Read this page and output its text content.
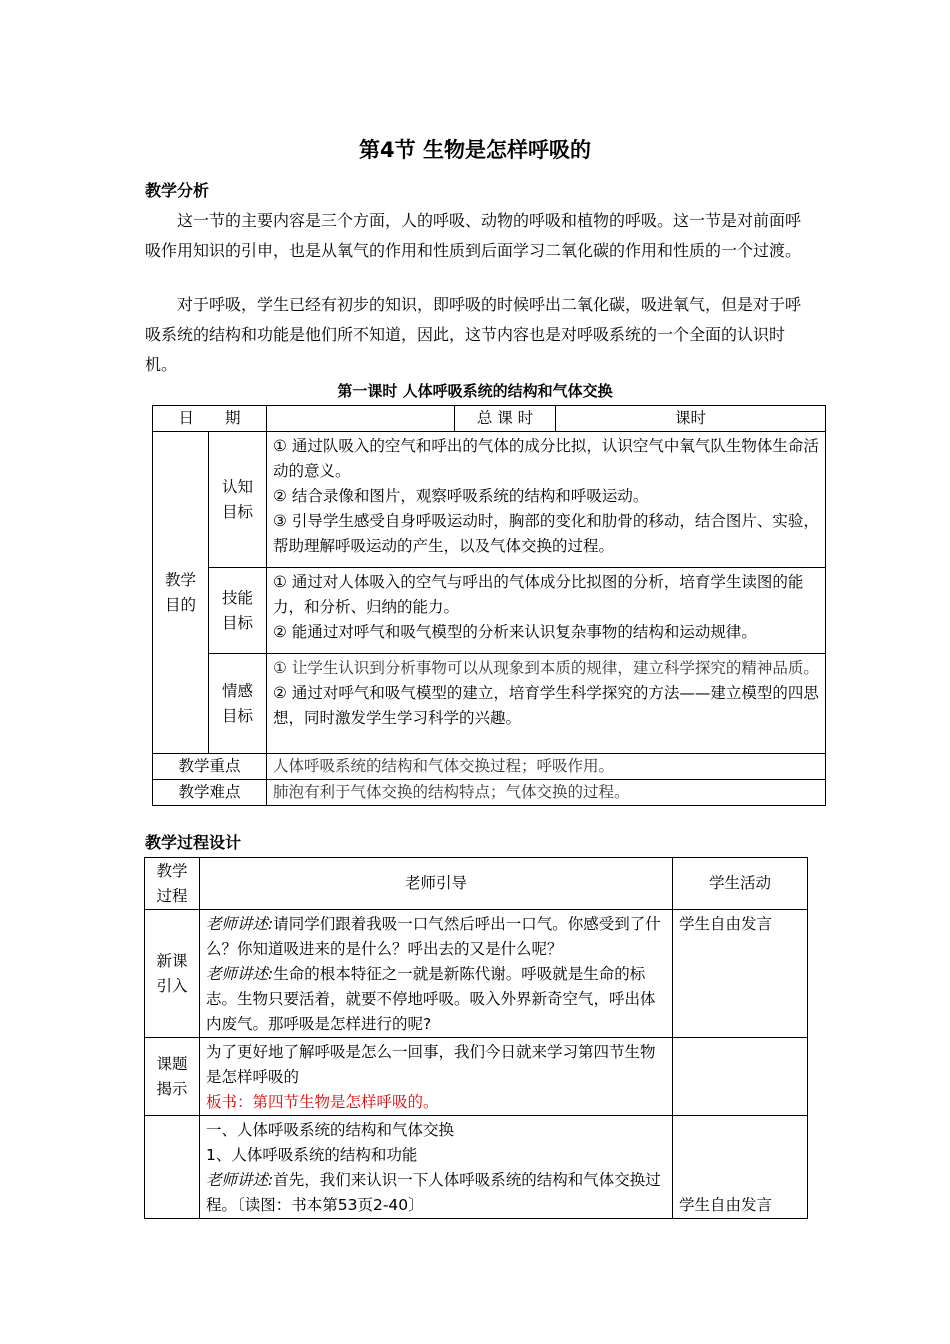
第4节 生物是怎样呼吸的
教学分析

这一节的主要内容是三个方面，人的呼吸、动物的呼吸和植物的呼吸。这一节是对前面呼吸作用知识的引申，也是从氧气的作用和性质到后面学习二氧化碳的作用和性质的一个过渡。

对于呼吸，学生已经有初步的知识，即呼吸的时候呼出二氧化碳，吸进氧气，但是对于呼吸系统的结构和功能是他们所不知道，因此，这节内容也是对呼吸系统的一个全面的认识时机。

第一课时 人体呼吸系统的结构和气体交换
日　　期			总 课 时	课时
教学目的	认知目标	① 通过队吸入的空气和呼出的气体的成分比拟，认识空气中氧气队生物体生命活动的意义。

② 结合录像和图片，观察呼吸系统的结构和呼吸运动。

③ 引导学生感受自身呼吸运动时，胸部的变化和肋骨的移动，结合图片、实验，帮助理解呼吸运动的产生，以及气体交换的过程。		

	技能目标	① 通过对人体吸入的空气与呼出的气体成分比拟图的分析，培育学生读图的能力，和分析、归纳的能力。

② 能通过对呼气和吸气模型的分析来认识复杂事物的结构和运动规律。		

	情感目标	① 让学生认识到分析事物可以从现象到本质的规律，建立科学探究的精神品质。

② 通过对呼气和吸气模型的建立，培育学生科学探究的方法——建立模型的四思想，同时激发学生学习科学的兴趣。		

教学重点		人体呼吸系统的结构和气体交换过程；呼吸作用。		
教学难点		肺泡有利于气体交换的结构特点；气体交换的过程。		
教学过程设计
教学过程	老师引导	学生活动
新课引入	老师讲述:请同学们跟着我吸一口气然后呼出一口气。你感受到了什么？你知道吸进来的是什么？呼出去的又是什么呢？

老师讲述:生命的根本特征之一就是新陈代谢。呼吸就是生命的标志。生物只要活着，就要不停地呼吸。吸入外界新奇空气，呼出体内废气。那呼吸是怎样进行的呢?	学生自由发言
课题揭示	为了更好地了解呼吸是怎么一回事，我们今日就来学习第四节生物是怎样呼吸的

板书：第四节生物是怎样呼吸的。	

	一、人体呼吸系统的结构和气体交换

1、人体呼吸系统的结构和功能

老师讲述:首先，我们来认识一下人体呼吸系统的结构和气体交换过程。〔读图：书本第53页2-40〕	学生自由发言
